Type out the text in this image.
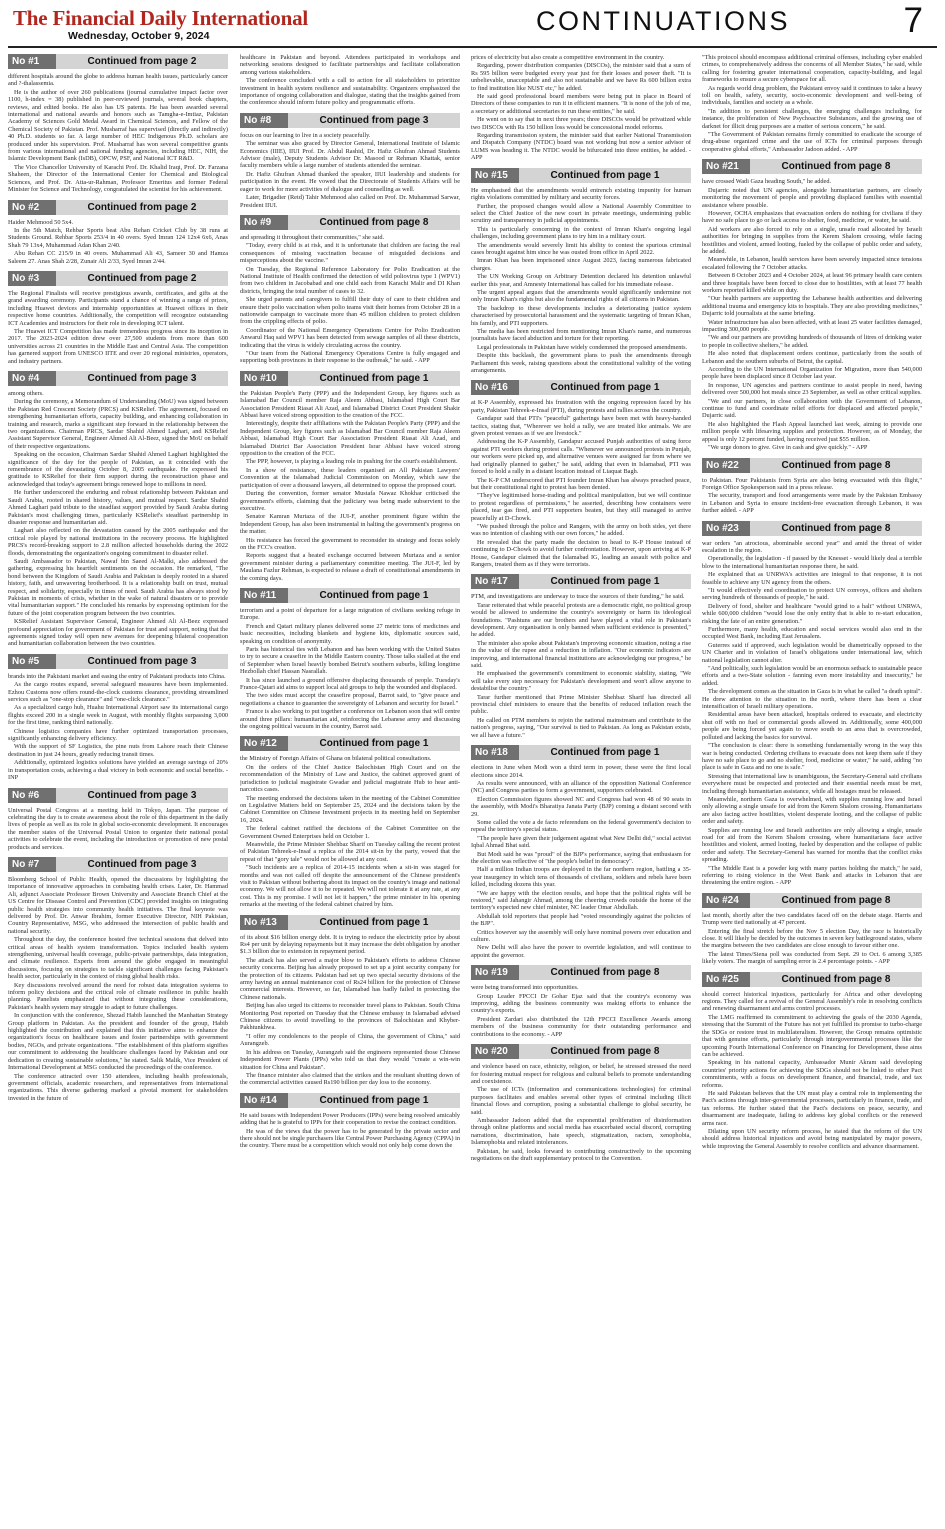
The Financial Daily International
Wednesday, October 9, 2024	CONTINUATIONS	7
No #1	Continued from page 2

different hospitals around the globe to address human health issues, particularly cancer and ?-thalassemia.

He is the author of over 260 publications (journal cumulative impact factor over 1100, h-index = 38) published in peer-reviewed journals, several book chapters, reviews, and edited books. He also has US patents. He has been awarded several international and national awards and honors such as Tamgha-e-Imtiaz, Pakistan Academy of Sciences Gold Medal Award in Chemical Sciences, and Fellow of the Chemical Society of Pakistan. Prof. Musharraf has supervised (directly and indirectly) 40 Ph.D. students so far. A large number of HEC Indigenous Ph.D. scholars are produced under his supervision. Prof. Musharraf has won several competitive grants from various international and national funding agencies, including HEC, NIH, the Islamic Development Bank (IsDB), OPCW, PSF, and National ICT R&D.

The Vice Chancellor University of Karachi Prof. Dr. Khalid Iraqi, Prof. Dr. Farzana Shaheen, the Director of the International Center for Chemical and Biological Sciences, and Prof. Dr. Atta-ur-Rahman, Professor Emeritus and former Federal Minister for Science and Technology, congratulated the scientist for his achievement.

No #2	Continued from page 2

Haider Mehmood 50 5x4.

In the 5th Match, Rehbar Sports beat Abu Rehan Cricket Club by 38 runs at Students Ground. Rehbar Sports 253/4 in 40 overs. Syed Imran 124 12x4 6x6, Anas Shah 79 13x4, Muhammad Adan Khan 2/40.

Abu Rehan CC 215/9 in 40 overs. Muhammad Ali 43, Sameer 30 and Hamza Saleem 27. Anas Shah 2/28, Zunair Ali 2/33, Syed Imran 2/44.

No #3	Continued from page 2

The Regional Finalists will receive prestigious awards, certificates, and gifts at the grand awarding ceremony. Participants stand a chance of winning a range of prizes, including Huawei devices and internship opportunities at Huawei offices in their respective home countries. Additionally, the competition will recognize outstanding ICT Academies and instructors for their role in developing ICT talent.

The Huawei ICT Competition has made tremendous progress since its inception in 2017. The 2023-2024 edition drew over 27,500 students from more than 600 universities across 21 countries in the Middle East and Central Asia. The competition has garnered support from UNESCO IITE and over 20 regional ministries, operators, and industry partners.

No #4	Continued from page 3

among others.

During the ceremony, a Memorandum of Understanding (MoU) was signed between the Pakistan Red Crescent Society (PRCS) and KSRelief. The agreement, focused on strengthening humanitarian efforts, capacity building, and enhancing collaboration in training and research, marks a significant step forward in the relationship between the two organizations. Chairman PRCS, Sardar Shahid Ahmed Laghari, and KSRelief Assistant Supervisor General, Engineer Ahmed Ali Al-Beez, signed the MoU on behalf of their respective organizations.

Speaking on the occasion, Chairman Sardar Shahid Ahmed Laghari highlighted the significance of the day for the people of Pakistan, as it coincided with the remembrance of the devastating October 8, 2005 earthquake. He expressed his gratitude to KSRelief for their firm support during the reconstruction phase and acknowledged that today's agreement brings renewed hope to millions in need.

He further underscored the enduring and robust relationship between Pakistan and Saudi Arabia, rooted in shared history, values, and mutual respect. Sardar Shahid Ahmed Laghari paid tribute to the steadfast support provided by Saudi Arabia during Pakistan's most challenging times, particularly KSRelief's steadfast partnership in disaster response and humanitarian aid.

Laghari also reflected on the devastation caused by the 2005 earthquake and the critical role played by national institutions in the recovery process. He highlighted PRCS's record-breaking support to 2.8 million affected households during the 2022 floods, demonstrating the organization's ongoing commitment to disaster relief.

Saudi Ambassador to Pakistan, Nawaf bin Saeed Al-Malki, also addressed the gathering, expressing his heartfelt sentiments on the occasion. He remarked, "The bond between the Kingdom of Saudi Arabia and Pakistan is deeply rooted in a shared history, faith, and unwavering brotherhood. It is a relationship built on trust, mutual respect, and solidarity, especially in times of need. Saudi Arabia has always stood by Pakistan in moments of crisis, whether in the wake of natural disasters or to provide vital humanitarian support." He concluded his remarks by expressing optimism for the future of the joint cooperation program between the two countries.

KSRelief Assistant Supervisor General, Engineer Ahmed Ali Al-Beez expressed profound appreciation for government of Pakistan for trust and support, noting that the agreements signed today will open new avenues for deepening bilateral cooperation and humanitarian collaboration between the two countries.

No #5	Continued from page 3

brands into the Pakistani market and easing the entry of Pakistani products into China.

As the cargo routes expand, several safeguard measures have been implemented. Ezhou Customs now offers round-the-clock customs clearance, providing streamlined services such as "one-stop clearance" and "one-click clearance."

As a specialized cargo hub, Huahu International Airport saw its international cargo flights exceed 200 in a single week in August, with monthly flights surpassing 3,000 for the first time, ranking third nationally.

Chinese logistics companies have further optimized transportation processes, significantly enhancing delivery efficiency.

With the support of SF Logistics, the pine nuts from Lahore reach their Chinese destination in just 24 hours, greatly reducing transit times.

Additionally, optimized logistics solutions have yielded an average savings of 20% in transportation costs, achieving a dual victory in both economic and social benefits. - INP

No #6	Continued from page 3

Universal Postal Congress at a meeting held in Tokyo, Japan. The purpose of celebrating the day is to create awareness about the role of this department in the daily lives of people as well as its role in global socio-economic development. It encourages the member states of the Universal Postal Union to organize their national postal activities to celebrate the event, including the introduction or promotion of new postal products and services.

No #7	Continued from page 3

Bloomberg School of Public Health, opened the discussions by highlighting the importance of innovative approaches in combating health crises. Later, Dr. Hammad Ali, adjunct Associate Professor Brown University and Associate Branch Chief at the US Centre for Disease Control and Prevention (CDC) provided insights on integrating public health strategies into community health initiatives. The final keynote was delivered by Prof. Dr. Anwar Ibrahim, former Executive Director, NIH Pakistan, Country Representative, MSG, who addressed the intersection of public health and national security.

Throughout the day, the conference hosted five technical sessions that delved into critical areas of health system transformation. Topics included health system strengthening, universal health coverage, public-private partnerships, data integration, and climate resilience. Experts from around the globe engaged in meaningful discussions, focusing on strategies to tackle significant challenges facing Pakistan's health sector, particularly in the context of rising global health risks.

Key discussions revolved around the need for robust data integration systems to inform policy decisions and the critical role of climate resilience in public health planning. Panelists emphasized that without integrating these considerations, Pakistan's health system may struggle to adapt to future challenges.

In conjunction with the conference, Shezad Habib launched the Manhattan Strategy Group platform in Pakistan. As the president and founder of the group, Habib highlighted the contribution and explained that this initiative aims to enhance the organization's focus on healthcare issues and foster partnerships with government bodies, NGOs, and private organizations. "The establishment of this platform signifies our commitment to addressing the healthcare challenges faced by Pakistan and our dedication to creating sustainable solutions," he stated. Salik Malik, Vice President of International Development at MSG conducted the proceedings of the conference.

The conference attracted over 150 attendees, including health professionals, government officials, academic researchers, and representatives from international organizations. This diverse gathering marked a pivotal moment for stakeholders invested in the future of

healthcare in Pakistan and beyond. Attendees participated in workshops and networking sessions designed to facilitate partnerships and facilitate collaboration among various stakeholders.

The conference concluded with a call to action for all stakeholders to prioritize investment in health system resilience and sustainability. Organizers emphasized the importance of ongoing collaboration and dialogue, stating that the insights gained from the conference should inform future policy and programmatic efforts.

No #8	Continued from page 3

focus on our learning to live in a society peacefully.

The seminar was also graced by Director General, International Institute of Islamic Economics (IIIE), IIUI Prof. Dr. Abdul Rashid, Dr. Hafiz Ghufran Ahmad Students Advisor (male), Deputy Students Advisor Dr. Masood ur Rehman Khattak, senior faculty members while a large number of students attended the seminar.

Dr. Hafiz Ghufran Ahmad thanked the speaker, IIUI leadership and students for participation in the event. He vowed that the Directorate of Students Affairs will be eager to work for more activities of dialogue and counselling as well.

Later, Brigadier (Retd) Tahir Mehmood also called on Prof. Dr. Muhammad Sarwar, President IIUI.

No #9	Continued from page 8

and spreading it throughout their communities," she said.

"Today, every child is at risk, and it is unfortunate that children are facing the real consequences of missing vaccination because of misguided decisions and misperceptions about the vaccine."

On Tuesday, the Regional Reference Laboratory for Polio Eradication at the National Institute of Health confirmed the detection of wild poliovirus type 1 (WPV1) from two children in Jacobabad and one child each from Karachi Malir and DI Khan districts, bringing the total number of cases to 32.

She urged parents and caregivers to fulfill their duty of care to their children and ensure their polio vaccination when polio teams visit their homes from October 28 in a nationwide campaign to vaccinate more than 45 million children to protect children from the crippling effects of polio.

Coordinator of the National Emergency Operations Centre for Polio Eradication Anwarul Haq said WPV1 has been detected from sewage samples of all these districts, indicating that the virus is widely circulating across the country.

"Our team from the National Emergency Operations Centre is fully engaged and supporting both provinces in their response to the outbreak," he said. - APP

No #10	Continued from page 1

the Pakistan People's Party (PPP) and the Independent Group, key figures such as Islamabad Bar Council member Raja Aleem Abbasi, Islamabad High Court Bar Association President Riasat Ali Azad, and Islamabad District Court President Shakir Abbasi have voiced strong opposition to the creation of the FCC.

Interestingly, despite their affiliations with the Pakistan People's Party (PPP) and the Independent Group, key figures such as Islamabad Bar Council member Raja Aleem Abbasi, Islamabad High Court Bar Association President Riasat Ali Azad, and Islamabad District Bar Association President Israr Abbasi have voiced strong opposition to the creation of the FCC.

The PPP, however, is playing a leading role in pushing for the court's establishment.

In a show of resistance, these leaders organised an All Pakistan Lawyers' Convention at the Islamabad Judicial Commission on Monday, which saw the participation of over a thousand lawyers, all determined to oppose the proposed court.

During the convention, former senator Mustafa Nawaz Khokhar criticised the government's efforts, claiming that the judiciary was being made subservient to the executive.

Senator Kamran Murtaza of the JUI-F, another prominent figure within the Independent Group, has also been instrumental in halting the government's progress on the matter.

His resistance has forced the government to reconsider its strategy and focus solely on the FCC's creation.

Reports suggest that a heated exchange occurred between Murtaza and a senior government minister during a parliamentary committee meeting. The JUI-F, led by Maulana Fazlur Rehman, is expected to release a draft of constitutional amendments in the coming days.

No #11	Continued from page 1

terrorism and a point of departure for a large migration of civilians seeking refuge in Europe.

French and Qatari military planes delivered some 27 metric tons of medicines and basic necessities, including blankets and hygiene kits, diplomatic sources said, speaking on condition of anonymity.

Paris has historical ties with Lebanon and has been working with the United States to try to secure a ceasefire in the Middle Eastern country. Those talks stalled at the end of September when Israel heavily bombed Beirut's southern suburbs, killing longtime Hezbollah chief Hassan Nasrallah.

It has since launched a ground offensive displacing thousands of people. Tuesday's France-Qatari aid aims to support local aid groups to help the wounded and displaced.

The two sides must accept the ceasefire proposal, Barrot said, to "give peace and negotiations a chance to guarantee the sovereignty of Lebanon and security for Israel."

France is also working to put together a conference on Lebanon soon that will centre around three pillars: humanitarian aid, reinforcing the Lebanese army and discussing the ongoing political vacuum in the country, Barrot said.

No #12	Continued from page 1

the Ministry of Foreign Affairs of Ghana on bilateral political consultations.

On the orders of the Chief Justice Balochistan High Court and on the recommendation of the Ministry of Law and Justice, the cabinet approved grant of jurisdiction to judicial magistrate Gwadar and judicial magistrate Hub to hear anti-narcotics cases.

The meeting endorsed the decisions taken in the meeting of the Cabinet Committee on Legislative Matters held on September 25, 2024 and the decisions taken by the Cabinet Committee on Chinese Investment projects in its meeting held on September 16, 2024.

The federal cabinet ratified the decisions of the Cabinet Committee on the Government Owned Enterprises held on October 1.

Meanwhile, the Prime Minister Shehbaz Sharif on Tuesday calling the recent protest of Pakistan Tehreek-e-Insaf a replica of the 2014 sit-in by the party, vowed that the repeat of that "gory tale" would not be allowed at any cost.

"Such incidents are a replica of 2014-15 incidents when a sit-in was staged for months and was not called off despite the announcement of the Chinese president's visit to Pakistan without bothering about its impact on the country's image and national economy. We will not allow it to be repeated. We will not tolerate it at any rate, at any cost. This is my promise. I will not let it happen," the prime minister in his opening remarks at the meeting of the federal cabinet chaired by him.

No #13	Continued from page 1

of its about $16 billion energy debt. It is trying to reduce the electricity price by about Rs4 per unit by delaying repayments but it may increase the debt obligation by another $1.3 billion due to extension in repayment period.

The attack has also served a major blow to Pakistan's efforts to address Chinese security concerns. Beijing has already proposed to set up a joint security company for the protection of its citizens. Pakistan had set up two special security divisions of the army having an annual maintenance cost of Rs24 billion for the protection of Chinese commercial interests. However, so far, Islamabad has badly failed in protecting the Chinese nationals.

Beijing has also urged its citizens to reconsider travel plans to Pakistan. South China Monitoring Post reported on Tuesday that the Chinese embassy in Islamabad advised Chinese citizens to avoid travelling to the provinces of Balochistan and Khyber-Pakhtunkhwa.

"I offer my condolences to the people of China, the government of China," said Aurangzeb.

In his address on Tuesday, Aurangzeb said the engineers represented those Chinese Independent Power Plants (IPPs) who told us that they would "create a win-win situation for China and Pakistan".

The finance minister also claimed that the strikes and the resultant shutting down of the commercial activities caused Rs190 billion per day loss to the economy.

No #14	Continued from page 1

He said issues with Independent Power Producers (IPPs) were being resolved amicably adding that he is grateful to IPPs for their cooperation to revise the contract condition.

He was of the views that the power has to be generated by the private sector and there should not be single purchasers like Central Power Purchasing Agency (CPPA) in the country. There must be a competition which would not only help come down the

prices of electricity but also create a competitive environment in the country.

Regarding, power distribution companies (DISCOs), the minister said that a sum of Rs 595 billion were budgeted every year just for their losses and power theft. "It is unbelievable, unacceptable and also not sustainable and we have Rs 600 billion extra to find institution like NUST etc," he added.

He said good professional board members were being put in place in Board of Directors of these companies to run it in efficient manners. "It is none of the job of me, a secretary or additional secretaries to run these entities," he said.

He went on to say that in next three years; three DISCOs would be privatized while two DISCOs with Rs 150 billion loss would be concessional model reforms.

Regarding transmission system, the minister said that earlier National Transmission and Dispatch Company (NTDC) board was not working but now a senior advisor of LUMS was heading it. The NTDC would be bifurcated into three entities, he added. - APP

No #15	Continued from page 1

He emphasised that the amendments would entrench existing impunity for human rights violations committed by military and security forces.

Further, the proposed changes would allow a National Assembly Committee to select the Chief Justice of the new court in private meetings, undermining public scrutiny and transparency in judicial appointments.

This is particularly concerning in the context of Imran Khan's ongoing legal challenges, including government plans to try him in a military court.

The amendments would severely limit his ability to contest the spurious criminal cases brought against him since he was ousted from office in April 2022.

Imran Khan has been imprisoned since August 2023, facing numerous fabricated charges.

The UN Working Group on Arbitrary Detention declared his detention unlawful earlier this year, and Amnesty International has called for his immediate release.

The urgent appeal argues that the amendments would significantly undermine not only Imran Khan's rights but also the fundamental rights of all citizens in Pakistan.

The backdrop to these developments includes a deteriorating justice system characterised by prosecutorial harassment and the systematic targeting of Imran Khan, his family, and PTI supporters.

The media has been restricted from mentioning Imran Khan's name, and numerous journalists have faced abduction and torture for their reporting.

Legal professionals in Pakistan have widely condemned the proposed amendments.

Despite this backlash, the government plans to push the amendments through Parliament this week, raising questions about the constitutional validity of the voting arrangements.

No #16	Continued from page 1

at K-P Assembly, expressed his frustration with the ongoing repression faced by his party, Pakistan Tehreek-e-Insaf (PTI), during protests and rallies across the country.

Gandapur said that PTI's "peaceful" gatherings have been met with heavy-handed tactics, stating that, "Wherever we hold a rally, we are treated like animals. We are given protest venues as if we are livestock."

Addressing the K-P Assembly, Gandapur accused Punjab authorities of using force against PTI workers during protest calls. "Whenever we announced protests in Punjab, our workers were picked up, and alternative venues were assigned far from where we had originally planned to gather," he said, adding that even in Islamabad, PTI was forced to hold a rally in a distant location instead of Liaquat Bagh.

The K-P CM underscored that PTI founder Imran Khan has always preached peace, but their constitutional right to protest has been denied.

"They've legitimised horse-trading and political manipulation, but we will continue to protest regardless of permissions," he asserted, describing how containers were placed, tear gas fired, and PTI supporters beaten, but they still managed to arrive peacefully at D-Chowk.

"We pushed through the police and Rangers, with the army on both sides, yet there was no intention of clashing with our own forces," he added.

He revealed that the party made the decision to head to K-P House instead of continuing to D-Chowk to avoid further confrontation. However, upon arriving at K-P House, Gandapur claimed that the Islamabad IG, leading an assault with police and Rangers, treated them as if they were terrorists.

No #17	Continued from page 1

PTM, and investigations are underway to trace the sources of their funding," he said.

Tarar reiterated that while peaceful protests are a democratic right, no political group would be allowed to undermine the country's sovereignty or harm its ideological foundations. "Pashtuns are our brothers and have played a vital role in Pakistan's development. Any organisation is only banned when sufficient evidence is presented," he added.

The minister also spoke about Pakistan's improving economic situation, noting a rise in the value of the rupee and a reduction in inflation. "Our economic indicators are improving, and international financial institutions are acknowledging our progress," he said.

He emphasised the government's commitment to economic stability, stating, "We will take every step necessary for Pakistan's development and won't allow anyone to destabilise the country."

Tarar further mentioned that Prime Minister Shehbaz Sharif has directed all provincial chief ministers to ensure that the benefits of reduced inflation reach the public.

He called on PTM members to rejoin the national mainstream and contribute to the nation's progress, saying, "Our survival is tied to Pakistan. As long as Pakistan exists, we all have a future."

No #18	Continued from page 1

elections in June when Modi won a third term in power, these were the first local elections since 2014.

As results were announced, with an alliance of the opposition National Conference (NC) and Congress parties to form a government, supporters celebrated.

Election Commission figures showed NC and Congress had won 48 of 90 seats in the assembly, with Modi's Bharatiya Janata Party (BJP) coming a distant second with 29.

Some called the vote a de facto referendum on the federal government's decision to repeal the territory's special status.

"The people have given their judgement against what New Delhi did," social activist Iqbal Ahmad Bhat said.

But Modi said he was "proud" of the BJP's performance, saying that enthusiasm for the election was reflective of "the people's belief in democracy".

Half a million Indian troops are deployed in the far northern region, battling a 35-year insurgency in which tens of thousands of civilians, soldiers and rebels have been killed, including dozens this year.

"We are happy with the election results, and hope that the political rights will be restored," said Jahangir Ahmad, among the cheering crowds outside the home of the territory's expected new chief minister, NC leader Omar Abdullah.

Abdullah told reporters that people had "voted resoundingly against the policies of the BJP".

Critics however say the assembly will only have nominal powers over education and culture.

New Delhi will also have the power to override legislation, and will continue to appoint the governor.

No #19	Continued from page 8

were being transformed into opportunities.

Group Leader FPCCI Dr Gohar Ejaz said that the country's economy was improving, adding the business community was making efforts to enhance the country's exports.

President Zardari also distributed the 12th FPCCI Excellence Awards among members of the business community for their outstanding performance and contributions to the economy. - APP

No #20	Continued from page 8

and violence based on race, ethnicity, religion, or belief, he stressed stressed the need for fostering mutual respect for religious and cultural beliefs to promote understanding and coexistence.

The use of ICTs (information and communications technologies) for criminal purposes facilitates and enables several other types of criminal including illicit financial flows and corruption, posing a substantial challenge to global security, he said.

Ambassador Jadoon added that the exponential proliferation of disinformation through online platforms and social media has exacerbated social discord, corrupting narrations, discrimination, hate speech, stigmatization, racism, xenophobia, Islamophobia and related intolerances.

Pakistan, he said, looks forward to contributing constructively to the upcoming negotiations on the draft supplementary protocol to the Convention.

"This protocol should encompass additional criminal offenses, including cyber enabled crimes, to comprehensively address the concerns of all Member States," he said, while calling for fostering greater international cooperation, capacity-building, and legal frameworks to ensure a secure cyberspace for all.

As regards world drug problem, the Pakistani envoy said it continues to take a heavy toll on health, safety, security, socio-economic development and well-being of individuals, families and society as a whole.

"In addition to persistent challenges, the emerging challenges including, for instance, the proliferation of New Psychoactive Substances, and the growing use of darknet for illicit drug purposes are a matter of serious concern," he said.

"The Government of Pakistan remains firmly committed to eradicate the scourge of drug-abuse organized crime and the use of ICTs for criminal purposes through cooperative global efforts," Ambassador Jadoon added. - APP

No #21	Continued from page 8

have crossed Wadi Gaza heading South," he added.

Dujarric noted that UN agencies, alongside humanitarian partners, are closely monitoring the movement of people and providing displaced families with essential assistance where possible.

However, OCHA emphasizes that evacuation orders do nothing for civilians if they have no safe place to go or lack access to shelter, food, medicine, or water, he said.

Aid workers are also forced to rely on a single, unsafe road allocated by Israeli authorities for bringing in supplies from the Kerem Shalom crossing, while facing hostilities and violent, armed looting, fueled by the collapse of public order and safety, he added.

Meanwhile, in Lebanon, health services have been severely impacted since tensions escalated following the 7 October attacks.

Between 8 October 2023 and 4 October 2024, at least 96 primary health care centers and three hospitals have been forced to close due to hostilities, with at least 77 health workers reported killed while on duty.

"Our health partners are supporting the Lebanese health authorities and delivering additional trauma and emergency kits to hospitals. They are also providing medicines," Dujarric told journalists at the same briefing.

Water infrastructure has also been affected, with at least 25 water facilities damaged, impacting 300,000 people.

"We and our partners are providing hundreds of thousands of litres of drinking water to people in collective shelters," he added.

He also noted that displacement orders continue, particularly from the south of Lebanon and the southern suburbs of Beirut, the capital.

According to the UN International Organization for Migration, more than 540,000 people have been displaced since 8 October last year.

In response, UN agencies and partners continue to assist people in need, having delivered over 500,000 hot meals since 23 September, as well as other critical supplies.

"We and our partners, in close collaboration with the Government of Lebanon, continue to fund and coordinate relief efforts for displaced and affected people," Dujarric said.

He also highlighted the Flash Appeal launched last week, aiming to provide one million people with lifesaving supplies and protection. However, as of Monday, the appeal is only 12 percent funded, having received just $55 million.

"We urge donors to give. Give in cash and give quickly." - APP

No #22	Continued from page 8

to Pakistan. Four Pakistanis from Syria are also being evacuated with this flight," Foreign Office Spokesperson said in a press release.

The security, transport and food arrangements were made by the Pakistan Embassy in Lebanon and Syria to ensure incident-free evacuation through Lebanon, it was further added. - APP

No #23	Continued from page 8

war orders "an atrocious, abominable second year" and amid the threat of wider escalation in the region.

Operationally, the legislation - if passed by the Knesset - would likely deal a terrible blow to the international humanitarian response there, he said.

He explained that as UNRWA's activities are integral to that response, it is not feasible to achieve any UN agency from the others.

"It would effectively end coordination to protect UN convoys, offices and shelters serving hundreds of thousands of people," he said.

Delivery of food, shelter and healthcare "would grind to a halt" without UNRWA, while 600,000 children "would lose the only entity that is able to re-start education, risking the fate of an entire generation."

Furthermore, many health, education and social services would also end in the occupied West Bank, including East Jerusalem.

Guterres said if approved, such legislation would be diametrically opposed to the UN Charter and in violation of Israel's obligations under international law, which national legislation cannot alter.

"And politically, such legislation would be an enormous setback to sustainable peace efforts and a two-State solution - fanning even more instability and insecurity," he added.

The development comes as the situation in Gaza is in what he called "a death spiral". He drew attention to the situation in the north, where there has been a clear intensification of Israeli military operations.

Residential areas have been attacked, hospitals ordered to evacuate, and electricity shut off with no fuel or commercial goods allowed in. Additionally, some 400,000 people are being forced yet again to move south to an area that is overcrowded, polluted and lacking the basics for survival.

"The conclusion is clear: there is something fundamentally wrong in the way this war is being conducted. Ordering civilians to evacuate does not keep them safe if they have no safe place to go and no shelter, food, medicine or water," he said, adding "no place is safe in Gaza and no one is safe."

Stressing that international law is unambiguous, the Secretary-General said civilians everywhere must be respected and protected and their essential needs must be met, including through humanitarian assistance, while all hostages must be released.

Meanwhile, northern Gaza is overwhelmed, with supplies running low and Israel only allowing a single unsafe for aid from the Kerem Shalom crossing. Humanitarians are also facing active hostilities, violent desperate looting, and the collapse of public order and safety.

Supplies are running low and Israeli authorities are only allowing a single, unsafe road for aid from the Kerem Shalom crossing, where humanitarians face active hostilities and violent, armed looting, fueled by desperation and the collapse of public order and safety. The Secretary-General has warned for months that the conflict risks spreading.

"The Middle East is a powder keg with many parties holding the match," he said, referring to rising violence in the West Bank and attacks in Lebanon that are threatening the entire region. - APP

No #24	Continued from page 8

last month, shortly after the two candidates faced off on the debate stage. Harris and Trump were tied nationally at 47 percent.

Entering the final stretch before the Nov 5 election Day, the race is historically close. It will likely be decided by the outcomes in seven key battleground states, where the margins between the two candidates are close enough to favour either one.

The latest Times/Siena poll was conducted from Sept. 29 to Oct. 6 among 3,385 likely voters. The margin of sampling error is 2.4 percentage points. - APP

No #25	Continued from page 8

should correct historical injustices, particularly for Africa and other developing regions. They called for a revival of the General Assembly's role in resolving conflicts and renewing disarmament and arms control processes.

The LMG reaffirmed its commitment to achieving the goals of the 2030 Agenda, stressing that the Summit of the Future has not yet fulfilled its promise to turbo-charge the SDGs or restore trust in multilateralism. However, the Group remains optimistic that with genuine efforts, particularly through intergovernmental processes like the upcoming Fourth International Conference on Financing for Development, these aims can be achieved.

Speaking in his national capacity, Ambassador Munir Akram said developing countries' priority actions for achieving the SDGs should not be linked to other Pact commitments, with a focus on development finance, and financial, trade, and tax reforms.

He said Pakistan believes that the UN must play a central role in implementing the Pact's actions through inter-governmental processes, particularly in finance, trade, and tax reforms. He further stated that the Pact's decisions on peace, security, and disarmament are inadequate, failing to address key global conflicts or the renewed arms race.

Dilating upon UN security reform process, he stated that the reform of the UN should address historical injustices and avoid being manipulated by major powers, while improving the General Assembly to resolve conflicts and advance disarmament.
